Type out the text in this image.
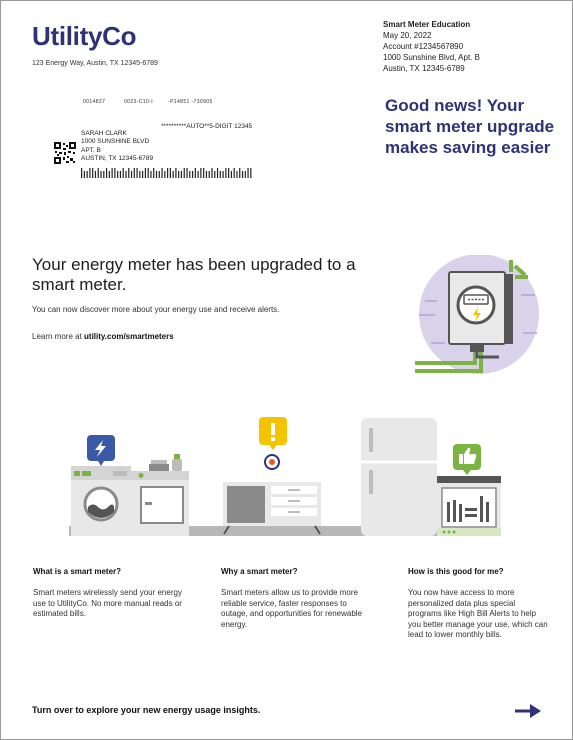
UtilityCo
123 Energy Way, Austin, TX 12345-6789
Smart Meter Education
May 20, 2022
Account #1234567890
1000 Sunshine Blvd, Apt. B
Austin, TX 12345-6789
0014837	0023-C10-I	-P14851 -730905
**********AUTO**5-DIGIT 12345
SARAH CLARK
1000 SUNSHINE BLVD
APT. B
AUSTIN, TX 12345-6789
Good news! Your smart meter upgrade makes saving easier
Your energy meter has been upgraded to a smart meter.
You can now discover more about your energy use and receive alerts.
Learn more at utility.com/smartmeters
What is a smart meter?

Smart meters wirelessly send your energy use to UtilityCo. No more manual reads or estimated bills.

Why a smart meter?

Smart meters allow us to provide more reliable service, faster responses to outage, and opportunities for renewable energy.

How is this good for me?

You now have access to more personalized data plus special programs like High Bill Alerts to help you better manage your use, which can lead to lower monthly bills.

Turn over to explore your new energy usage insights.
